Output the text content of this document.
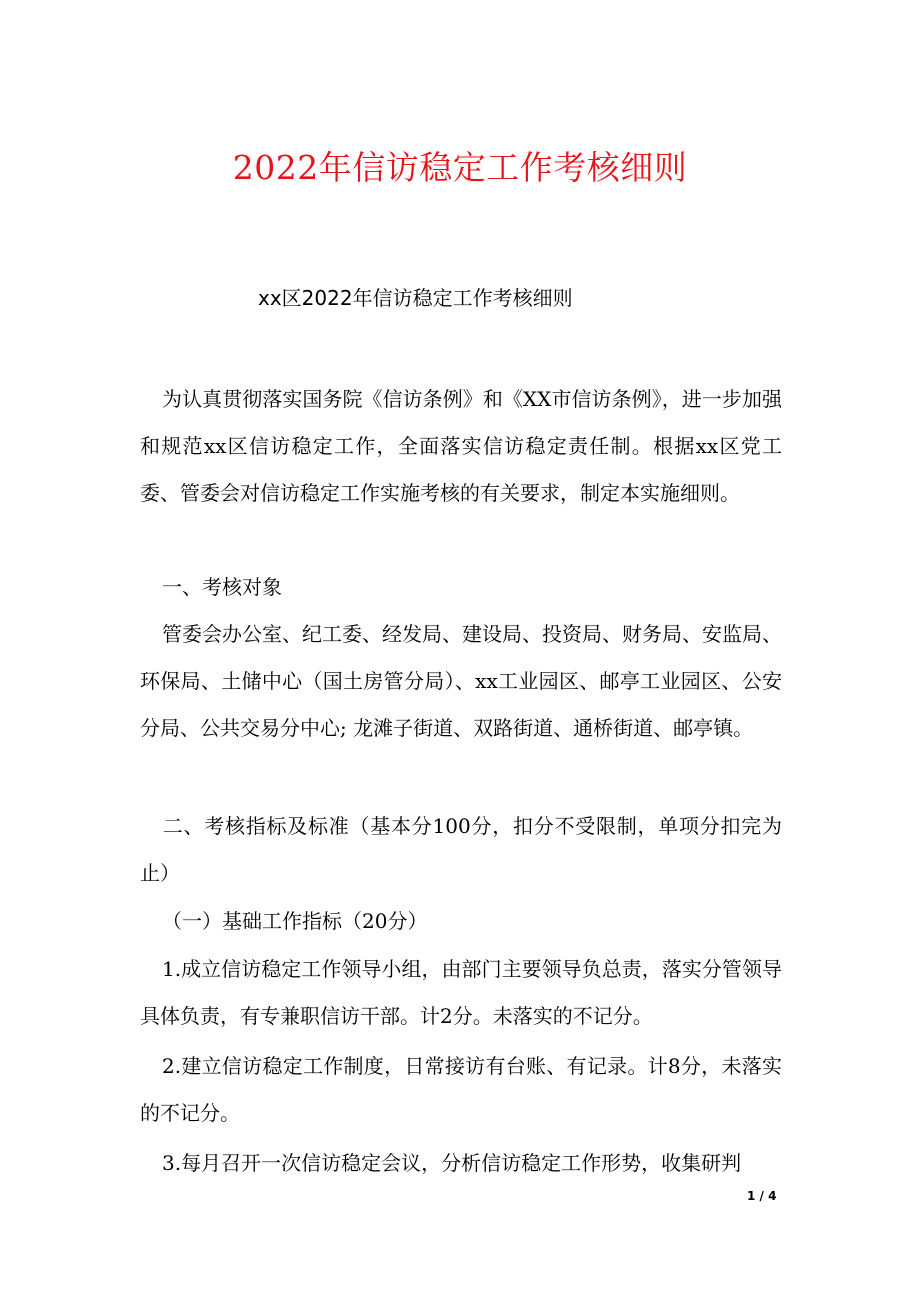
2022年信访稳定工作考核细则
xx区2022年信访稳定工作考核细则
为认真贯彻落实国务院《信访条例》和《XX市信访条例》，进一步加强和规范xx区信访稳定工作，全面落实信访稳定责任制。根据xx区党工委、管委会对信访稳定工作实施考核的有关要求，制定本实施细则。
一、考核对象
管委会办公室、纪工委、经发局、建设局、投资局、财务局、安监局、环保局、土储中心（国土房管分局）、xx工业园区、邮亭工业园区、公安分局、公共交易分中心; 龙滩子街道、双路街道、通桥街道、邮亭镇。
二、考核指标及标准（基本分100分，扣分不受限制，单项分扣完为止）
（一）基础工作指标（20分）
1.成立信访稳定工作领导小组，由部门主要领导负总责，落实分管领导具体负责，有专兼职信访干部。计2分。未落实的不记分。
2.建立信访稳定工作制度，日常接访有台账、有记录。计8分，未落实的不记分。
3.每月召开一次信访稳定会议，分析信访稳定工作形势，收集研判
1 / 4
